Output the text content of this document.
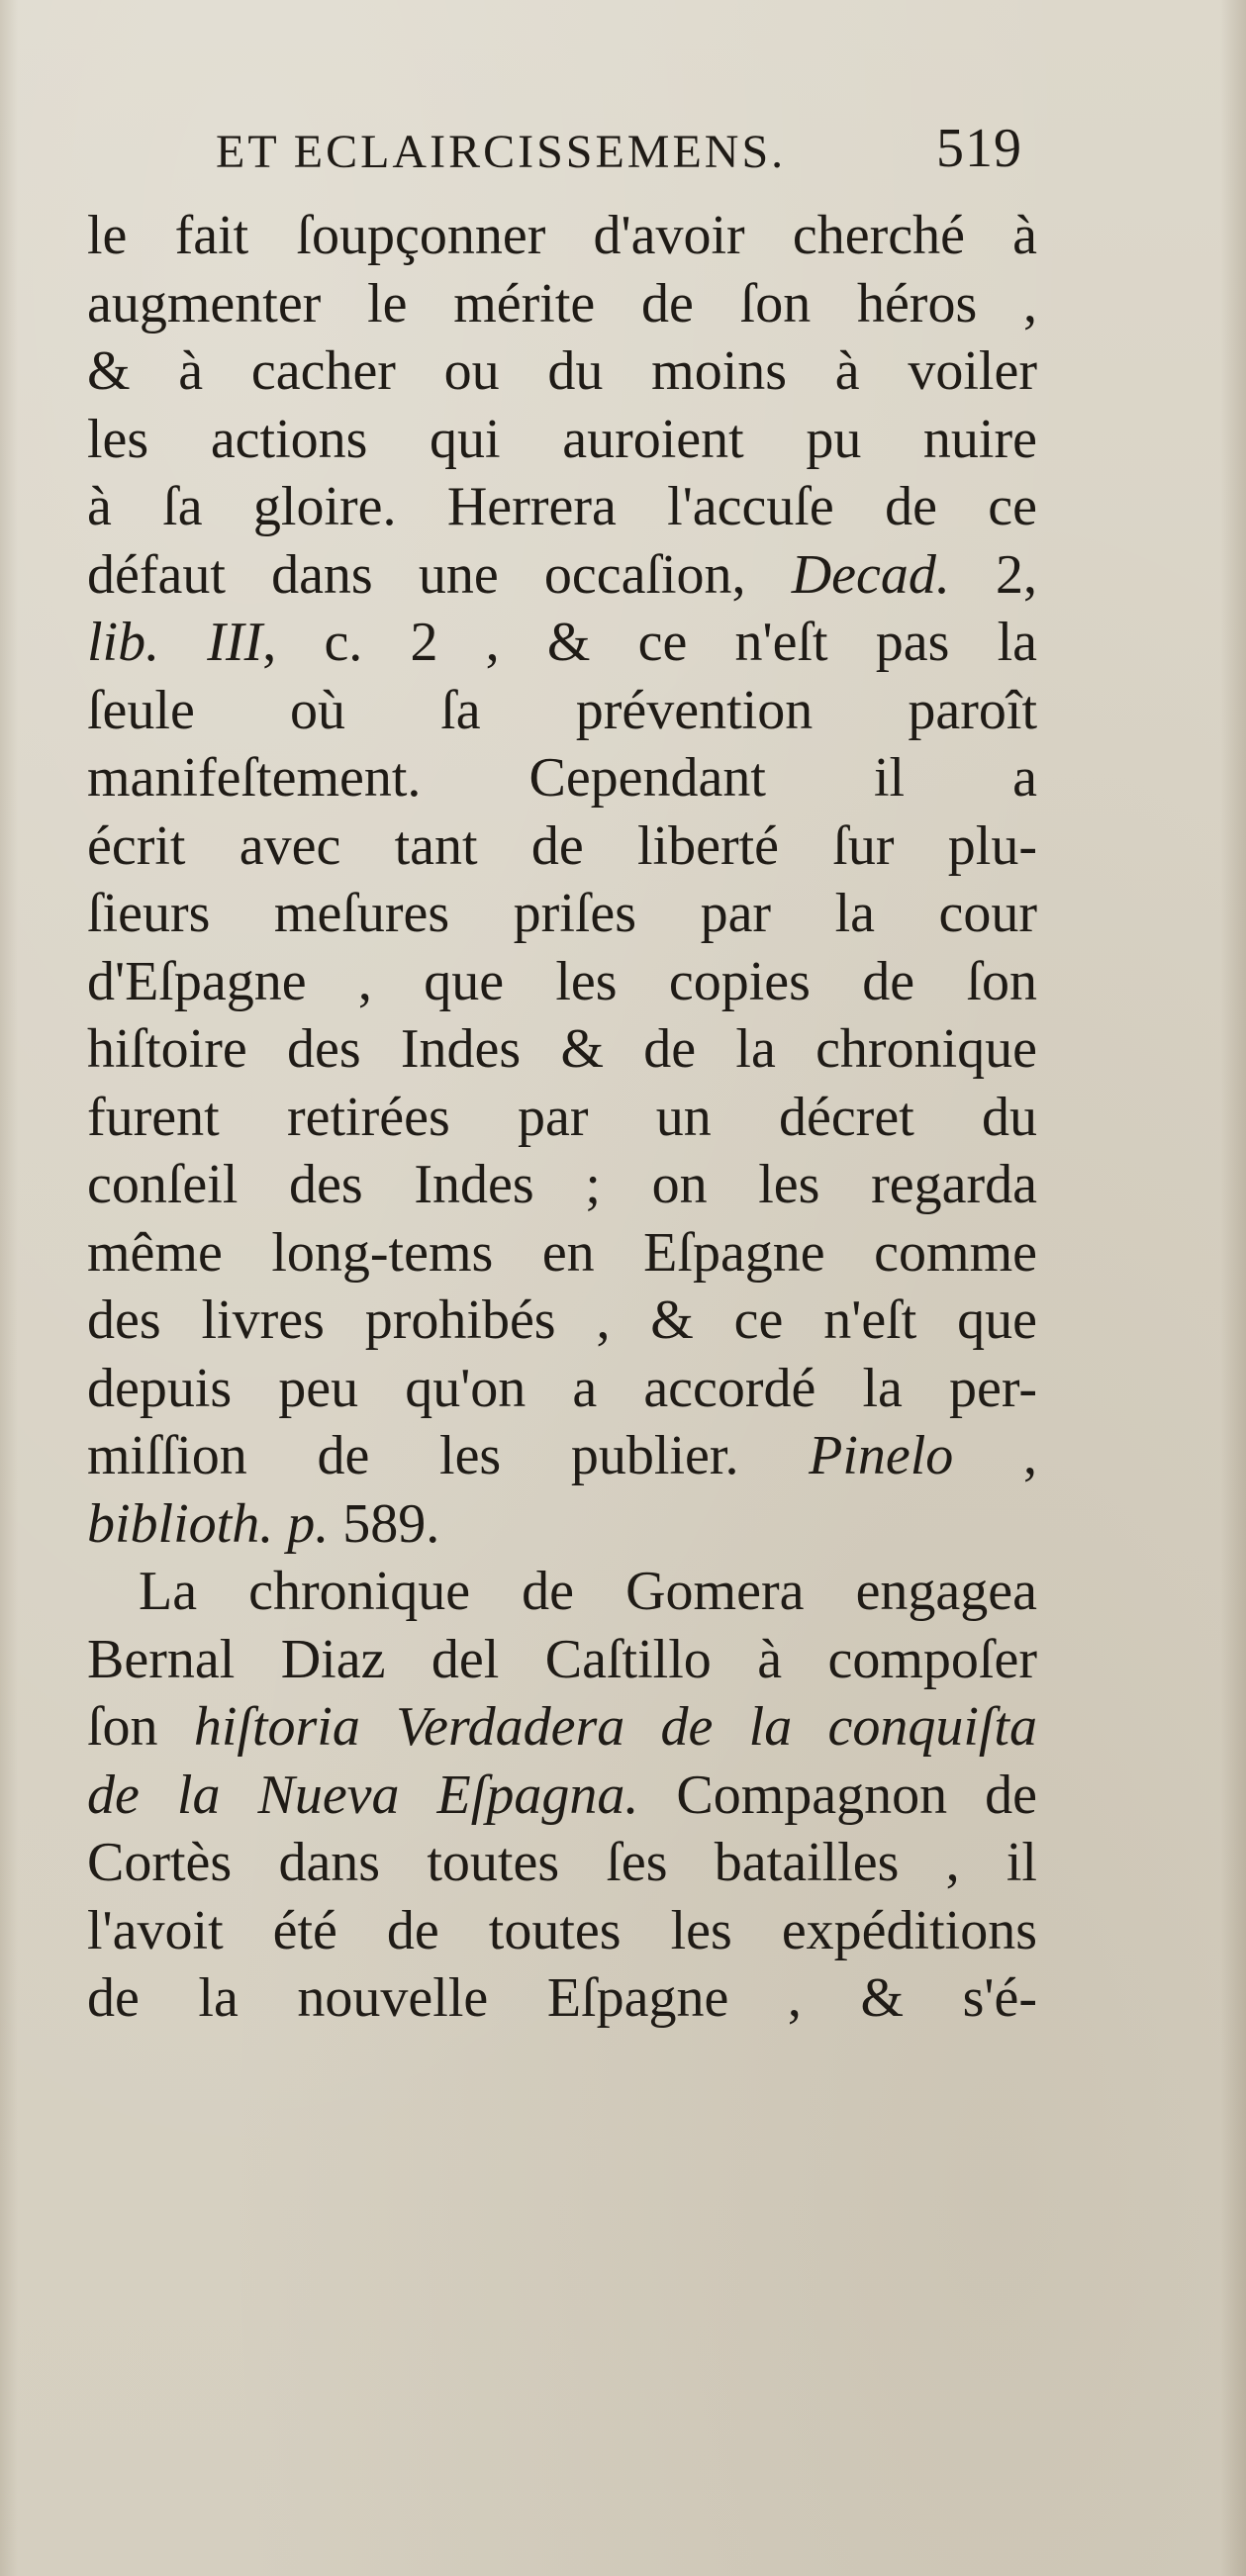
ET ECLAIRCISSEMENS.	519
le fait ſoupçonner d'avoir cherché à
augmenter le mérite de ſon héros ,
& à cacher ou du moins à voiler
les actions qui auroient pu nuire
à ſa gloire. Herrera l'accuſe de ce
défaut dans une occaſion, Decad. 2,
lib. III, c. 2 , & ce n'eſt pas la
ſeule où ſa prévention paroît
manifeſtement. Cependant il a
écrit avec tant de liberté ſur plu-
ſieurs meſures priſes par la cour
d'Eſpagne , que les copies de ſon
hiſtoire des Indes & de la chronique
furent retirées par un décret du
conſeil des Indes ; on les regarda
même long-tems en Eſpagne comme
des livres prohibés , & ce n'eſt que
depuis peu qu'on a accordé la per-
miſſion de les publier. Pinelo ,
biblioth. p. 589.
La chronique de Gomera engagea
Bernal Diaz del Caſtillo à compoſer
ſon hiſtoria Verdadera de la conquiſta
de la Nueva Eſpagna. Compagnon de
Cortès dans toutes ſes batailles , il
l'avoit été de toutes les expéditions
de la nouvelle Eſpagne , & s'é-
